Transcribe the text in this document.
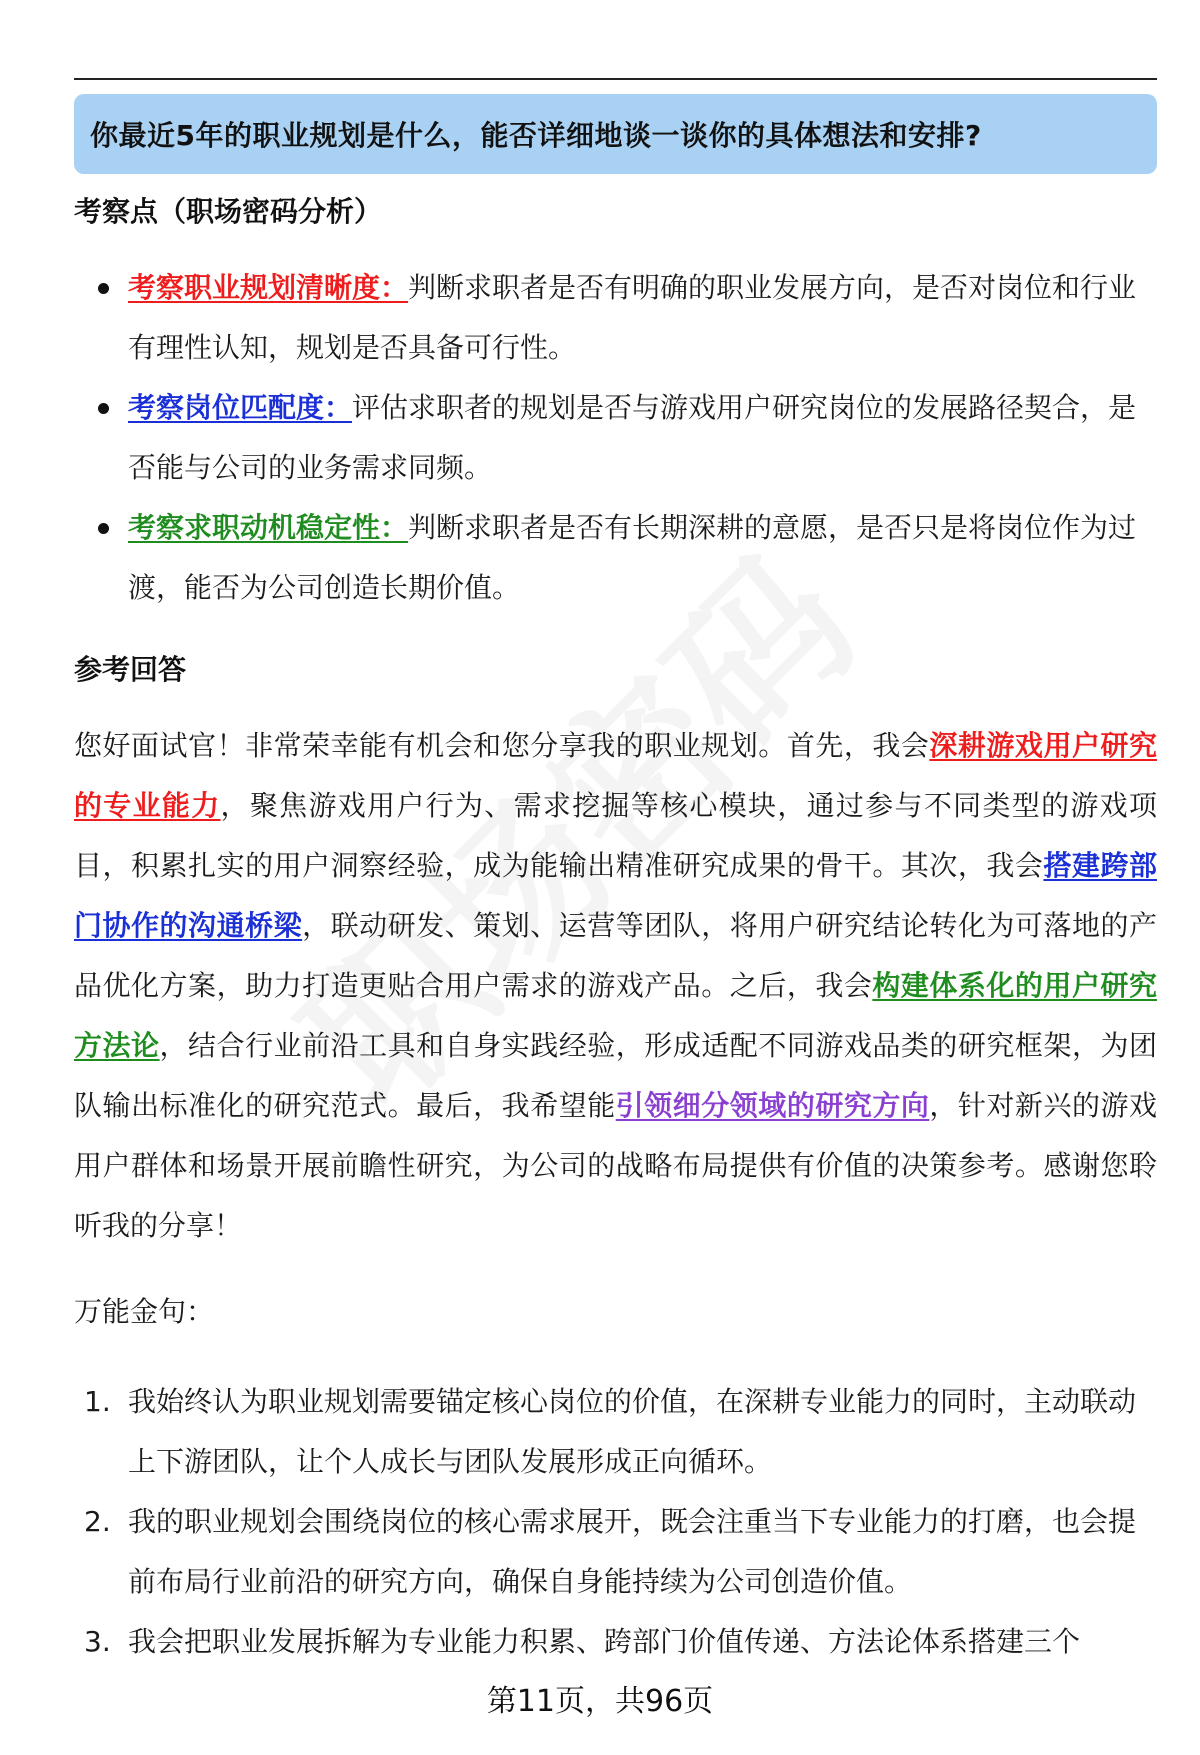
你最近5年的职业规划是什么，能否详细地谈一谈你的具体想法和安排?
考察点（职场密码分析）
考察职业规划清晰度：判断求职者是否有明确的职业发展方向，是否对岗位和行业有理性认知，规划是否具备可行性。
考察岗位匹配度：评估求职者的规划是否与游戏用户研究岗位的发展路径契合，是否能与公司的业务需求同频。
考察求职动机稳定性：判断求职者是否有长期深耕的意愿，是否只是将岗位作为过渡，能否为公司创造长期价值。
参考回答

您好面试官！非常荣幸能有机会和您分享我的职业规划。首先，我会深耕游戏用户研究的专业能力，聚焦游戏用户行为、需求挖掘等核心模块，通过参与不同类型的游戏项目，积累扎实的用户洞察经验，成为能输出精准研究成果的骨干。其次，我会搭建跨部门协作的沟通桥梁，联动研发、策划、运营等团队，将用户研究结论转化为可落地的产品优化方案，助力打造更贴合用户需求的游戏产品。之后，我会构建体系化的用户研究方法论，结合行业前沿工具和自身实践经验，形成适配不同游戏品类的研究框架，为团队输出标准化的研究范式。最后，我希望能引领细分领域的研究方向，针对新兴的游戏用户群体和场景开展前瞻性研究，为公司的战略布局提供有价值的决策参考。感谢您聆听我的分享！

万能金句：
1. 我始终认为职业规划需要锚定核心岗位的价值，在深耕专业能力的同时，主动联动上下游团队，让个人成长与团队发展形成正向循环。
2. 我的职业规划会围绕岗位的核心需求展开，既会注重当下专业能力的打磨，也会提前布局行业前沿的研究方向，确保自身能持续为公司创造价值。
3. 我会把职业发展拆解为专业能力积累、跨部门价值传递、方法论体系搭建三个
第11页，共96页
